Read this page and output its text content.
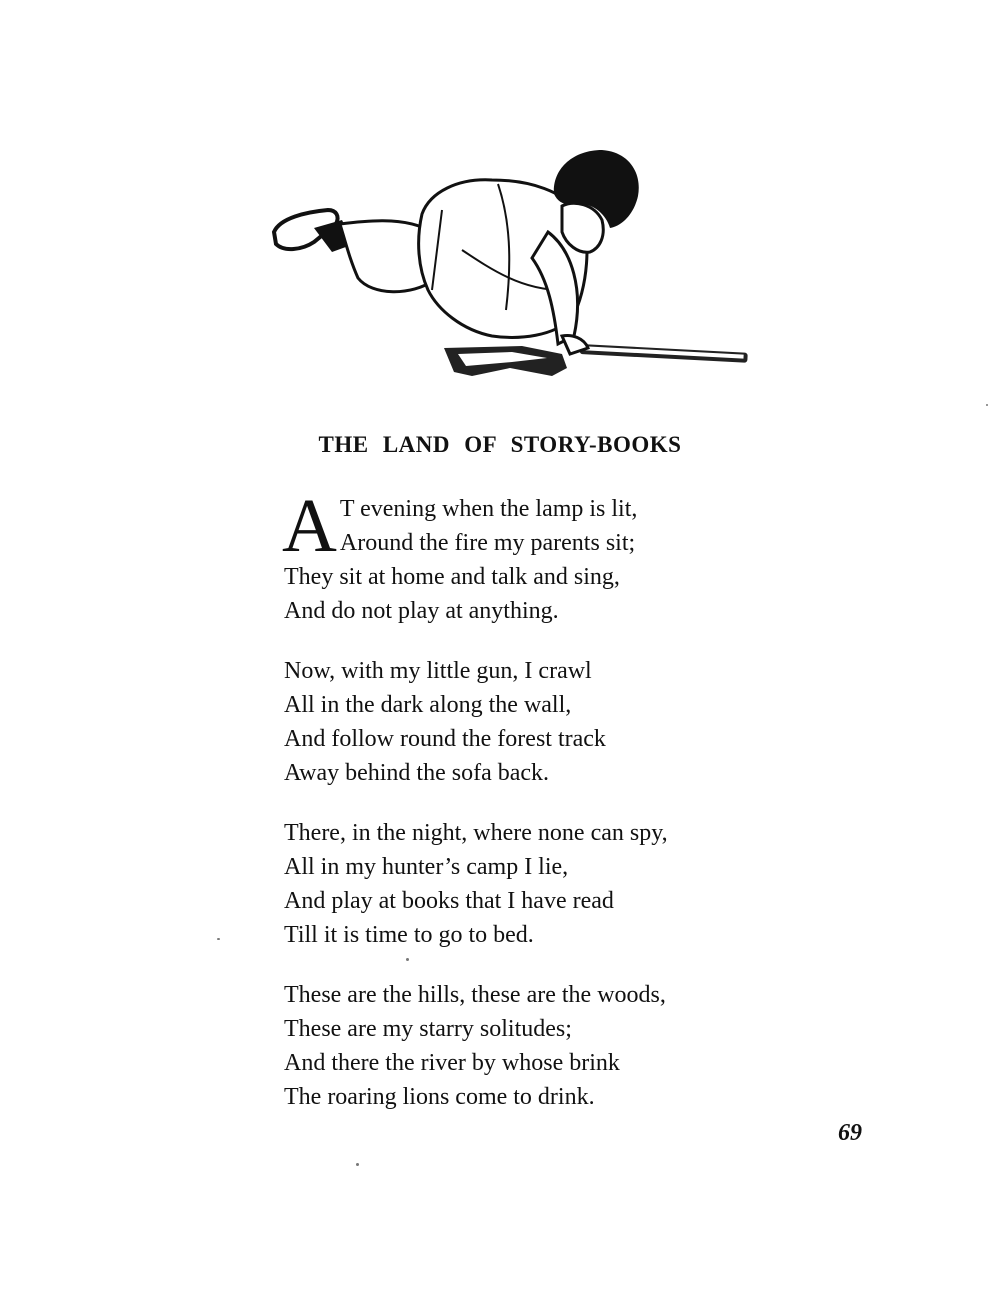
THE LAND OF STORY-BOOKS
A T evening when the lamp is lit,
Around the fire my parents sit;
They sit at home and talk and sing,
And do not play at anything.
Now, with my little gun, I crawl
All in the dark along the wall,
And follow round the forest track
Away behind the sofa back.
There, in the night, where none can spy,
All in my hunter’s camp I lie,
And play at books that I have read
Till it is time to go to bed.
These are the hills, these are the woods,
These are my starry solitudes;
And there the river by whose brink
The roaring lions come to drink.
69
